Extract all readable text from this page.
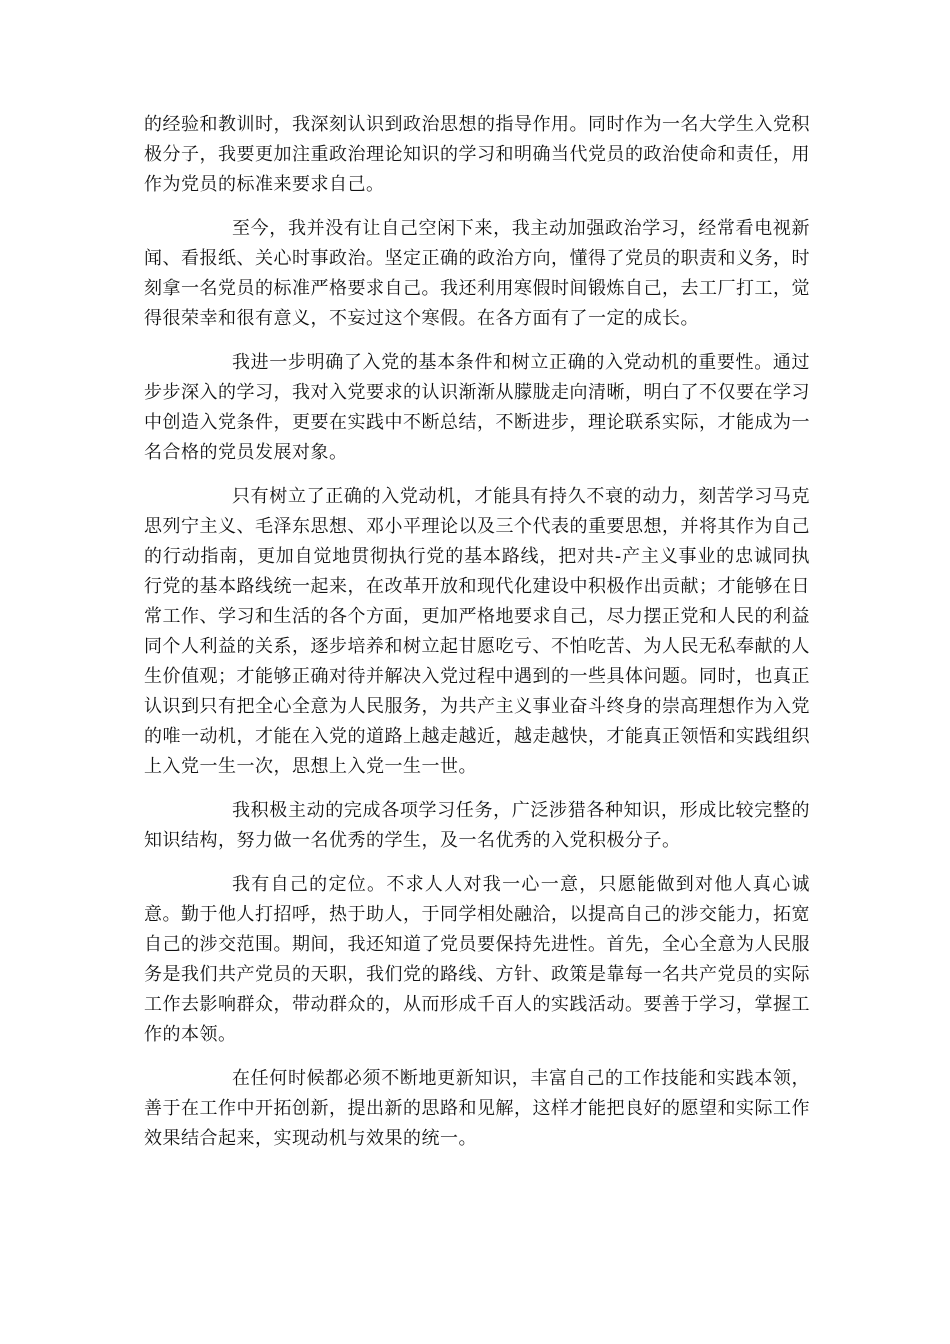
的经验和教训时，我深刻认识到政治思想的指导作用。同时作为一名大学生入党积极分子，我要更加注重政治理论知识的学习和明确当代党员的政治使命和责任，用作为党员的标准来要求自己。

至今，我并没有让自己空闲下来，我主动加强政治学习，经常看电视新闻、看报纸、关心时事政治。坚定正确的政治方向，懂得了党员的职责和义务，时刻拿一名党员的标准严格要求自己。我还利用寒假时间锻炼自己，去工厂打工，觉得很荣幸和很有意义，不妄过这个寒假。在各方面有了一定的成长。

我进一步明确了入党的基本条件和树立正确的入党动机的重要性。通过步步深入的学习，我对入党要求的认识渐渐从朦胧走向清晰，明白了不仅要在学习中创造入党条件，更要在实践中不断总结，不断进步，理论联系实际，才能成为一名合格的党员发展对象。

只有树立了正确的入党动机，才能具有持久不衰的动力，刻苦学习马克思列宁主义、毛泽东思想、邓小平理论以及三个代表的重要思想，并将其作为自己的行动指南，更加自觉地贯彻执行党的基本路线，把对共-产主义事业的忠诚同执行党的基本路线统一起来，在改革开放和现代化建设中积极作出贡献；才能够在日常工作、学习和生活的各个方面，更加严格地要求自己，尽力摆正党和人民的利益同个人利益的关系，逐步培养和树立起甘愿吃亏、不怕吃苦、为人民无私奉献的人生价值观；才能够正确对待并解决入党过程中遇到的一些具体问题。同时，也真正认识到只有把全心全意为人民服务，为共产主义事业奋斗终身的崇高理想作为入党的唯一动机，才能在入党的道路上越走越近，越走越快，才能真正领悟和实践组织上入党一生一次，思想上入党一生一世。

我积极主动的完成各项学习任务，广泛涉猎各种知识，形成比较完整的知识结构，努力做一名优秀的学生，及一名优秀的入党积极分子。

我有自己的定位。不求人人对我一心一意，只愿能做到对他人真心诚意。勤于他人打招呼，热于助人，于同学相处融洽，以提高自己的涉交能力，拓宽自己的涉交范围。期间，我还知道了党员要保持先进性。首先，全心全意为人民服务是我们共产党员的天职，我们党的路线、方针、政策是靠每一名共产党员的实际工作去影响群众，带动群众的，从而形成千百人的实践活动。要善于学习，掌握工作的本领。

在任何时候都必须不断地更新知识，丰富自己的工作技能和实践本领，善于在工作中开拓创新，提出新的思路和见解，这样才能把良好的愿望和实际工作效果结合起来，实现动机与效果的统一。
